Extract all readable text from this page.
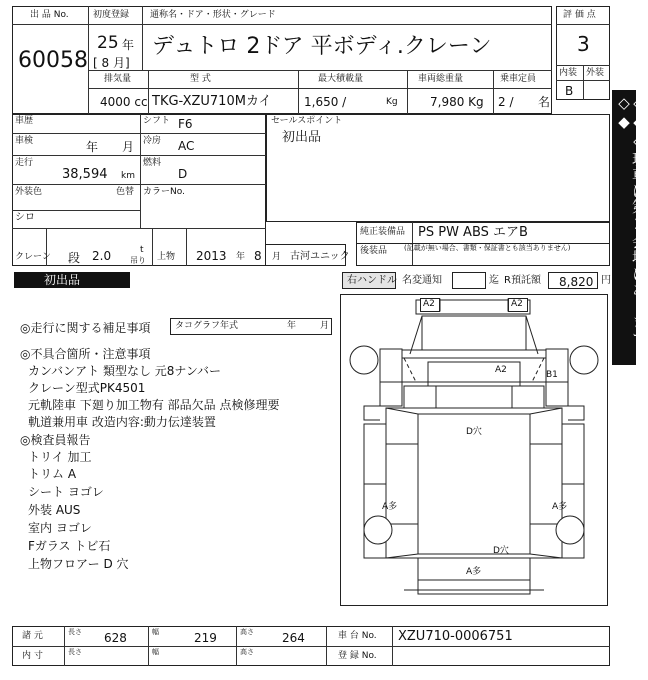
出 品 No.
60058
初度登録 通称名・ドア・形状・グレード
25 年
[ 8 月]
デュトロ 2ドア 平ボディ.クレーン
排気量	型 式	最大積載量	車両総重量	乗車定員
4000 cc TKG-XZU710Mカイ	1,650 /	Kg	7,980 Kg 2 / 名
評 価 点
3
内装 外装
B
◇◆◇現車は第2会場にあります◇◆
車歴	シフト F6
車検	年 月 冷房 AC
走行
38,594 km
燃料
D
外装色
シロ
色替 カラーNo.
クレーン 段 2.0	t
吊り 上物 2013 年 8 月 古河ユニック
セールスポイント
初出品
純正装備品 PS PW ABS エアB
後装品 (記載が無い場合、書類・保証書とも該当ありません)
初出品	右ハンドル 名変通知	迄 R預託額 8,820 円
◎走行に関する補足事項	タコグラフ年式	年	月
◎不具合箇所・注意事項
カンバンアト 類型なし 元8ナンバー
クレーン型式PK4501
元軌陸車 下廻り加工物有 部品欠品 点検修理要
軌道兼用車 改造内容:動力伝達装置
◎検査員報告
トリイ 加工
トリム A
シート ヨゴレ
外装 AUS
室内 ヨゴレ
Fガラス トビ石
上物フロアー D 穴
A2	A2
A2	B1
D穴
A多	A多
D穴
A多
諸 元	長さ 628	幅	219	高さ 264	車 台 No. XZU710-0006751
内 寸	長さ	幅	高さ	登 録 No.
